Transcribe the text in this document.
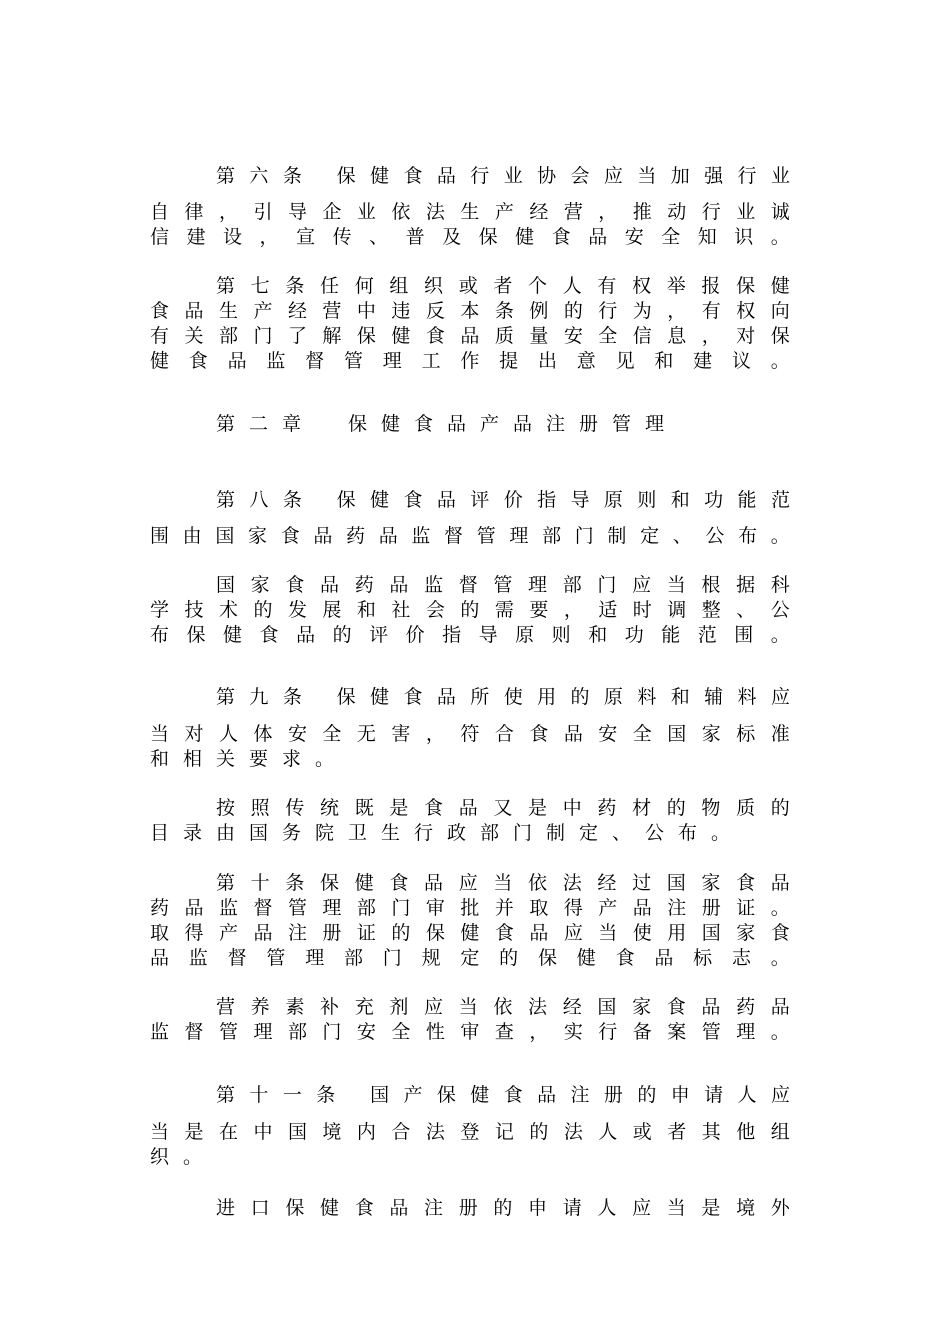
第 六 条
保 健 食 品 行 业 协 会 应 当 加 强 行 业
自 律 ， 引 导 企 业 依 法 生 产 经 营 ， 推 动 行 业 诚
信 建 设 ， 宣 传 、 普 及 保 健 食 品 安 全 知 识 。
第 七 条 任 何 组 织 或 者 个 人 有 权 举 报 保 健
食 品 生 产 经 营 中 违 反 本 条 例 的 行 为 ， 有 权 向
有 关 部 门 了 解 保 健 食 品 质 量 安 全 信 息 ， 对 保
健 食 品 监 督 管 理 工 作 提 出 意 见 和 建 议 。
第 二 章
	保 健 食 品 产 品 注 册 管 理
第 八 条
保 健 食 品 评 价 指 导 原 则 和 功 能 范
围 由 国 家 食 品 药 品 监 督 管 理 部 门 制 定 、 公 布 。
国 家 食 品 药 品 监 督 管 理 部 门 应 当 根 据 科
学 技 术 的 发 展 和 社 会 的 需 要 ， 适 时 调 整 、 公
布 保 健 食 品 的 评 价 指 导 原 则 和 功 能 范 围 。
第 九 条
保 健 食 品 所 使 用 的 原 料 和 辅 料 应
当 对 人 体 安 全 无 害 ， 符 合 食 品 安 全 国 家 标 准
和 相 关 要 求 。
按 照 传 统 既 是 食 品 又 是 中 药 材 的 物 质 的
目 录 由 国 务 院 卫 生 行 政 部 门 制 定 、 公 布 。
第 十 条 保 健 食 品 应 当 依 法 经 过 国 家 食 品
药 品 监 督 管 理 部 门 审 批 并 取 得 产 品 注 册 证 。
取 得 产 品 注 册 证 的 保 健 食 品 应 当 使 用 国 家 食
品 监 督 管 理 部 门 规 定 的 保 健 食 品 标 志 。
营 养 素 补 充 剂 应 当 依 法 经 国 家 食 品 药 品
监 督 管 理 部 门 安 全 性 审 查 ， 实 行 备 案 管 理 。
第 十 一 条
国 产 保 健 食 品 注 册 的 申 请 人 应
当 是 在 中 国 境 内 合 法 登 记 的 法 人 或 者 其 他 组
织 。
进 口 保 健 食 品 注 册 的 申 请 人 应 当 是 境 外
